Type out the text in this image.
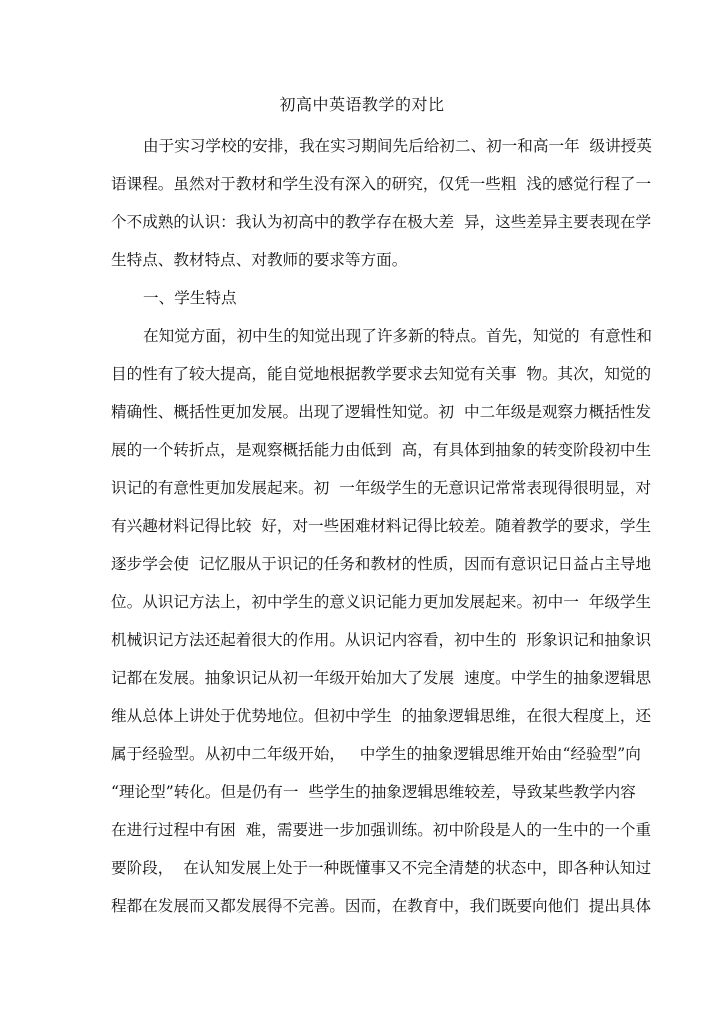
初高中英语教学的对比
由于实习学校的安排，我在实习期间先后给初二、初一和高一年  级讲授英
语课程。虽然对于教材和学生没有深入的研究，仅凭一些粗  浅的感觉行程了一
个不成熟的认识：我认为初高中的教学存在极大差  异，这些差异主要表现在学
生特点、教材特点、对教师的要求等方面。
一、学生特点
在知觉方面，初中生的知觉出现了许多新的特点。首先，知觉的  有意性和
目的性有了较大提高，能自觉地根据教学要求去知觉有关事  物。其次，知觉的
精确性、概括性更加发展。出现了逻辑性知觉。初  中二年级是观察力概括性发
展的一个转折点，是观察概括能力由低到  高，有具体到抽象的转变阶段初中生
识记的有意性更加发展起来。初  一年级学生的无意识记常常表现得很明显，对
有兴趣材料记得比较  好，对一些困难材料记得比较差。随着教学的要求，学生
逐步学会使  记忆服从于识记的任务和教材的性质，因而有意识记日益占主导地
位。从识记方法上，初中学生的意义识记能力更加发展起来。初中一  年级学生
机械识记方法还起着很大的作用。从识记内容看，初中生的  形象识记和抽象识
记都在发展。抽象识记从初一年级开始加大了发展  速度。中学生的抽象逻辑思
维从总体上讲处于优势地位。但初中学生  的抽象逻辑思维，在很大程度上，还
属于经验型。从初中二年级开始，   中学生的抽象逻辑思维开始由“经验型”向
“理论型”转化。但是仍有一  些学生的抽象逻辑思维较差，导致某些教学内容
在进行过程中有困  难，需要进一步加强训练。初中阶段是人的一生中的一个重
要阶段，  在认知发展上处于一种既懂事又不完全清楚的状态中，即各种认知过
程都在发展而又都发展得不完善。因而，在教育中，我们既要向他们  提出具体
